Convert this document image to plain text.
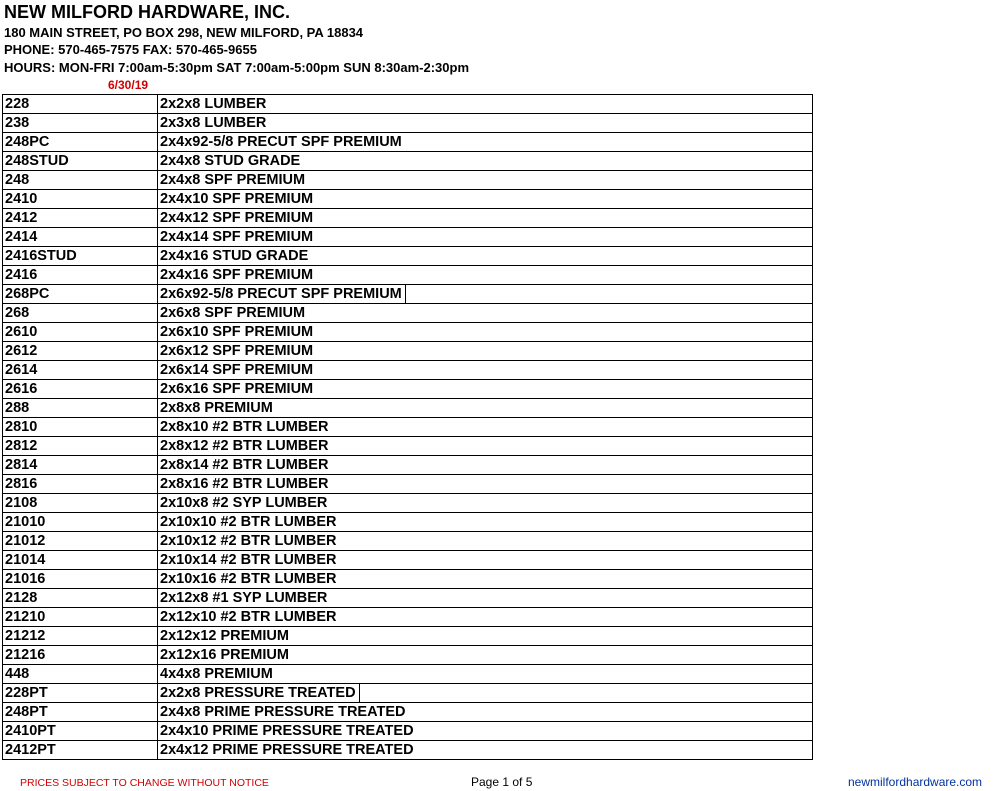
NEW MILFORD HARDWARE, INC.
180 MAIN STREET, PO BOX 298, NEW MILFORD, PA 18834
PHONE: 570-465-7575 FAX: 570-465-9655
HOURS: MON-FRI 7:00am-5:30pm SAT 7:00am-5:00pm SUN 8:30am-2:30pm
6/30/19
228	2x2x8 LUMBER
238	2x3x8 LUMBER
248PC	2x4x92-5/8 PRECUT SPF PREMIUM
248STUD	2x4x8 STUD GRADE
248	2x4x8 SPF PREMIUM
2410	2x4x10 SPF PREMIUM
2412	2x4x12 SPF PREMIUM
2414	2x4x14 SPF PREMIUM
2416STUD	2x4x16 STUD GRADE
2416	2x4x16 SPF PREMIUM
268PC	2x6x92-5/8 PRECUT SPF PREMIUM
268	2x6x8 SPF PREMIUM
2610	2x6x10 SPF PREMIUM
2612	2x6x12 SPF PREMIUM
2614	2x6x14 SPF PREMIUM
2616	2x6x16 SPF PREMIUM
288	2x8x8 PREMIUM
2810	2x8x10 #2 BTR LUMBER
2812	2x8x12 #2 BTR LUMBER
2814	2x8x14 #2 BTR LUMBER
2816	2x8x16 #2 BTR LUMBER
2108	2x10x8 #2 SYP LUMBER
21010	2x10x10 #2 BTR LUMBER
21012	2x10x12 #2 BTR LUMBER
21014	2x10x14 #2 BTR LUMBER
21016	2x10x16 #2 BTR LUMBER
2128	2x12x8 #1 SYP LUMBER
21210	2x12x10 #2 BTR LUMBER
21212	2x12x12 PREMIUM
21216	2x12x16 PREMIUM
448	4x4x8 PREMIUM
228PT	2x2x8 PRESSURE TREATED
248PT	2x4x8 PRIME PRESSURE TREATED
2410PT	2x4x10 PRIME PRESSURE TREATED
2412PT	2x4x12 PRIME PRESSURE TREATED
PRICES SUBJECT TO CHANGE WITHOUT NOTICE	Page 1 of 5	newmilfordhardware.com
